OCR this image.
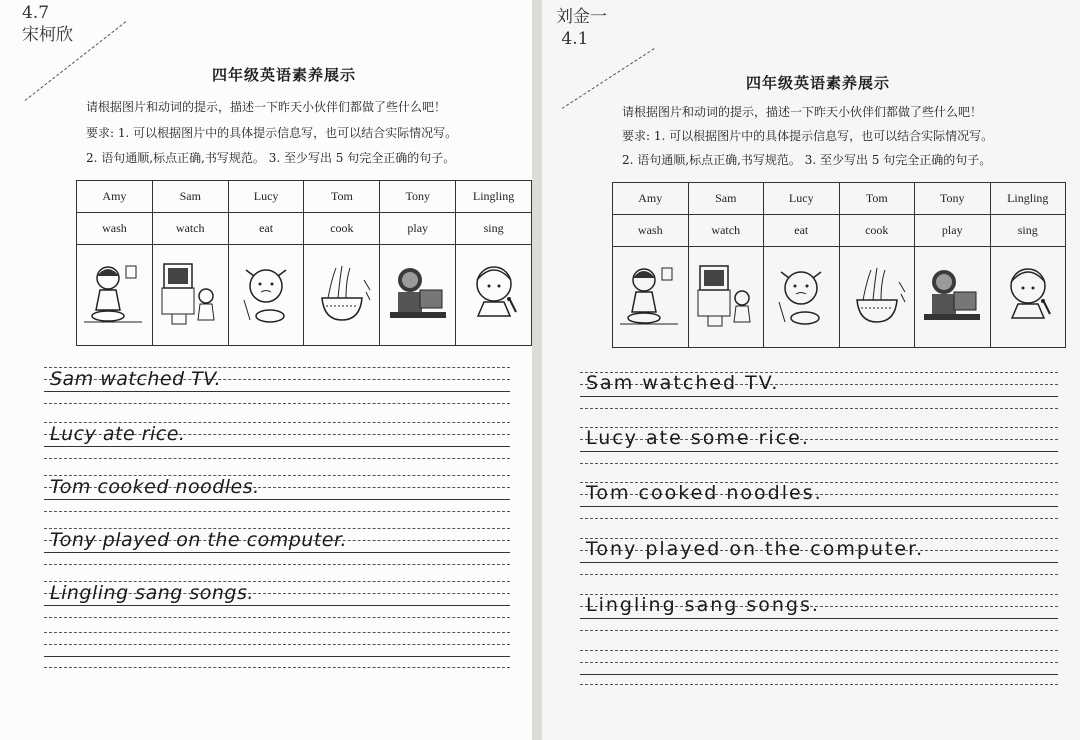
4.7
宋柯欣
四年级英语素养展示
请根据图片和动词的提示，描述一下昨天小伙伴们都做了些什么吧！
要求: 1. 可以根据图片中的具体提示信息写，也可以结合实际情况写。
2. 语句通顺,标点正确,书写规范。 3. 至少写出 5 句完全正确的句子。
Amy	Sam	Lucy	Tom	Tony	Lingling
wash	watch	eat	cook	play	sing

Sam watched TV.
Lucy ate rice.
Tom cooked noodles.
Tony played on the computer.
Lingling sang songs.
刘金一
4.1
四年级英语素养展示
请根据图片和动词的提示，描述一下昨天小伙伴们都做了些什么吧！
要求: 1. 可以根据图片中的具体提示信息写，也可以结合实际情况写。
2. 语句通顺,标点正确,书写规范。 3. 至少写出 5 句完全正确的句子。
Amy	Sam	Lucy	Tom	Tony	Lingling
wash	watch	eat	cook	play	sing

Sam watched TV.
Lucy ate some rice.
Tom cooked noodles.
Tony played on the computer.
Lingling sang songs.
